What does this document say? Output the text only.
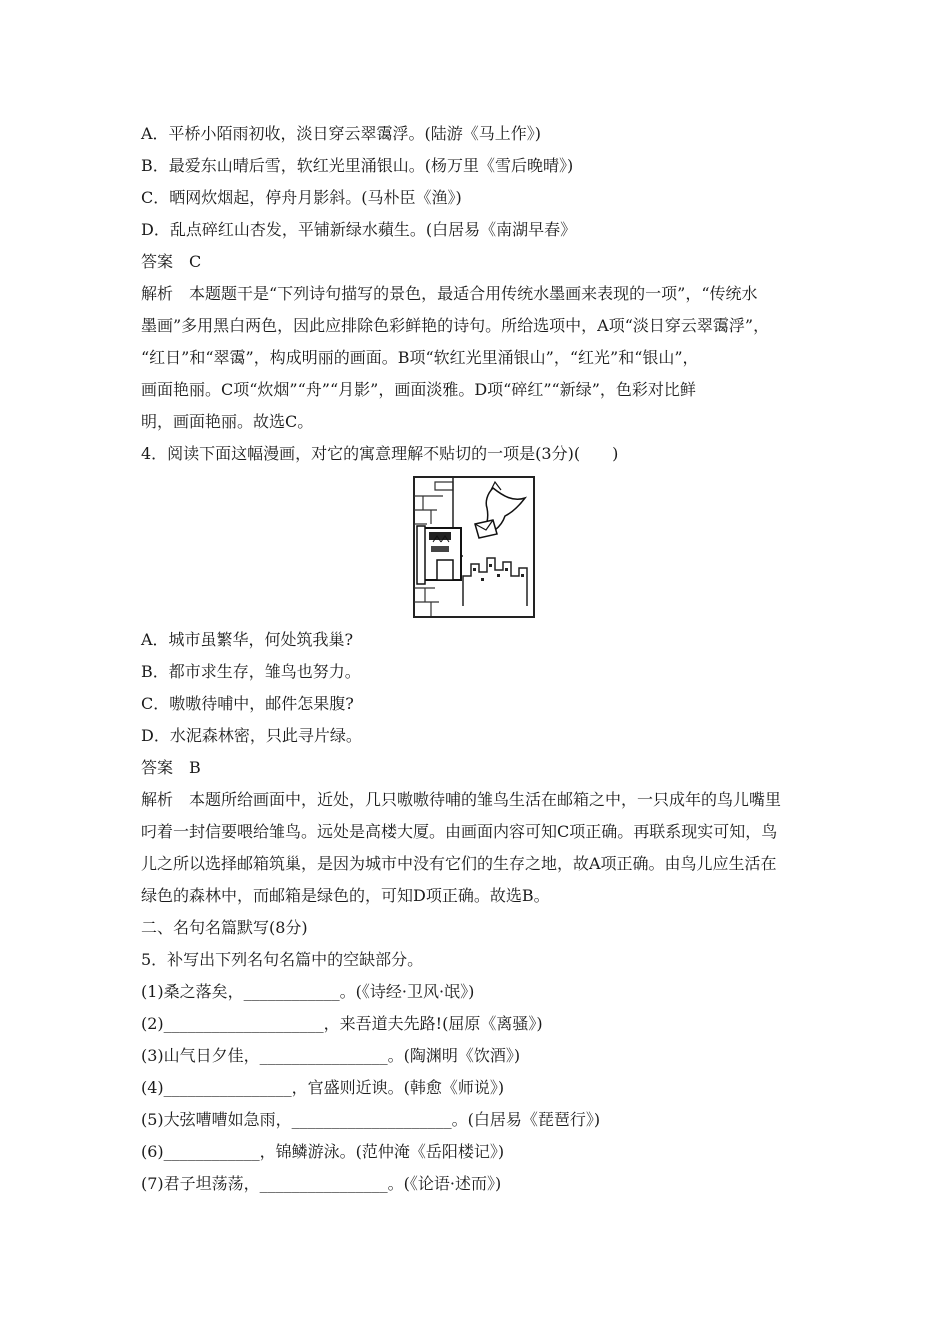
A．平桥小陌雨初收，淡日穿云翠霭浮。(陆游《马上作》)
B．最爱东山晴后雪，软红光里涌银山。(杨万里《雪后晚晴》)
C．晒网炊烟起，停舟月影斜。(马朴臣《渔》)
D．乱点碎红山杏发，平铺新绿水蘋生。(白居易《南湖早春》
答案　C
解析　本题题干是“下列诗句描写的景色，最适合用传统水墨画来表现的一项”，“传统水
墨画”多用黑白两色，因此应排除色彩鲜艳的诗句。所给选项中，A项“淡日穿云翠霭浮”，
“红日”和“翠霭”，构成明丽的画面。B项“软红光里涌银山”，“红光”和“银山”，
画面艳丽。C项“炊烟”“舟”“月影”，画面淡雅。D项“碎红”“新绿”，色彩对比鲜
明，画面艳丽。故选C。
4．阅读下面这幅漫画，对它的寓意理解不贴切的一项是(3分)(　　)
A．城市虽繁华，何处筑我巢?
B．都市求生存，雏鸟也努力。
C．嗷嗷待哺中，邮件怎果腹?
D．水泥森林密，只此寻片绿。
答案　B
解析　本题所给画面中，近处，几只嗷嗷待哺的雏鸟生活在邮箱之中，一只成年的鸟儿嘴里
叼着一封信要喂给雏鸟。远处是高楼大厦。由画面内容可知C项正确。再联系现实可知，鸟
儿之所以选择邮箱筑巢，是因为城市中没有它们的生存之地，故A项正确。由鸟儿应生活在
绿色的森林中，而邮箱是绿色的，可知D项正确。故选B。
二、名句名篇默写(8分)
5．补写出下列名句名篇中的空缺部分。
(1)桑之落矣，____________。(《诗经·卫风·氓》)
(2)____________________，来吾道夫先路!(屈原《离骚》)
(3)山气日夕佳，________________。(陶渊明《饮酒》)
(4)________________，官盛则近谀。(韩愈《师说》)
(5)大弦嘈嘈如急雨，____________________。(白居易《琵琶行》)
(6)____________，锦鳞游泳。(范仲淹《岳阳楼记》)
(7)君子坦荡荡，________________。(《论语·述而》)
